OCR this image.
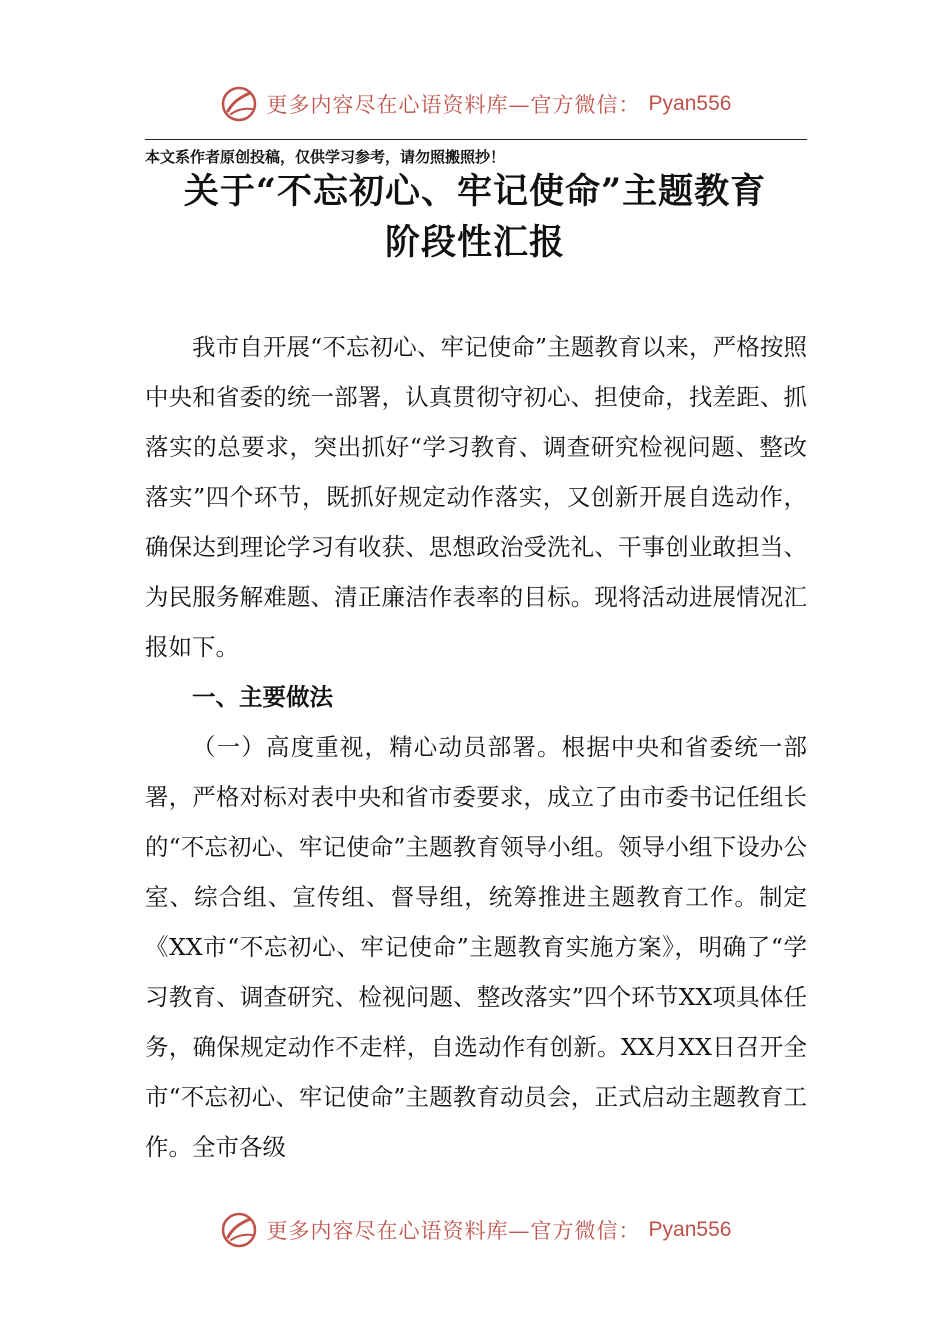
更多内容尽在心语资料库—官方微信： Pyan556
本文系作者原创投稿，仅供学习参考，请勿照搬照抄！
关于“不忘初心、牢记使命”主题教育
阶段性汇报

我市自开展“不忘初心、牢记使命”主题教育以来，严格按照中央和省委的统一部署，认真贯彻守初心、担使命，找差距、抓落实的总要求，突出抓好“学习教育、调查研究检视问题、整改落实”四个环节，既抓好规定动作落实，又创新开展自选动作，确保达到理论学习有收获、思想政治受洗礼、干事创业敢担当、为民服务解难题、清正廉洁作表率的目标。现将活动进展情况汇报如下。

一、主要做法

（一）高度重视，精心动员部署。根据中央和省委统一部署，严格对标对表中央和省市委要求，成立了由市委书记任组长的“不忘初心、牢记使命”主题教育领导小组。领导小组下设办公室、综合组、宣传组、督导组，统筹推进主题教育工作。制定《XX市“不忘初心、牢记使命”主题教育实施方案》，明确了“学习教育、调查研究、检视问题、整改落实”四个环节XX项具体任务，确保规定动作不走样，自选动作有创新。XX月XX日召开全市“不忘初心、牢记使命”主题教育动员会，正式启动主题教育工作。全市各级

更多内容尽在心语资料库—官方微信： Pyan556
